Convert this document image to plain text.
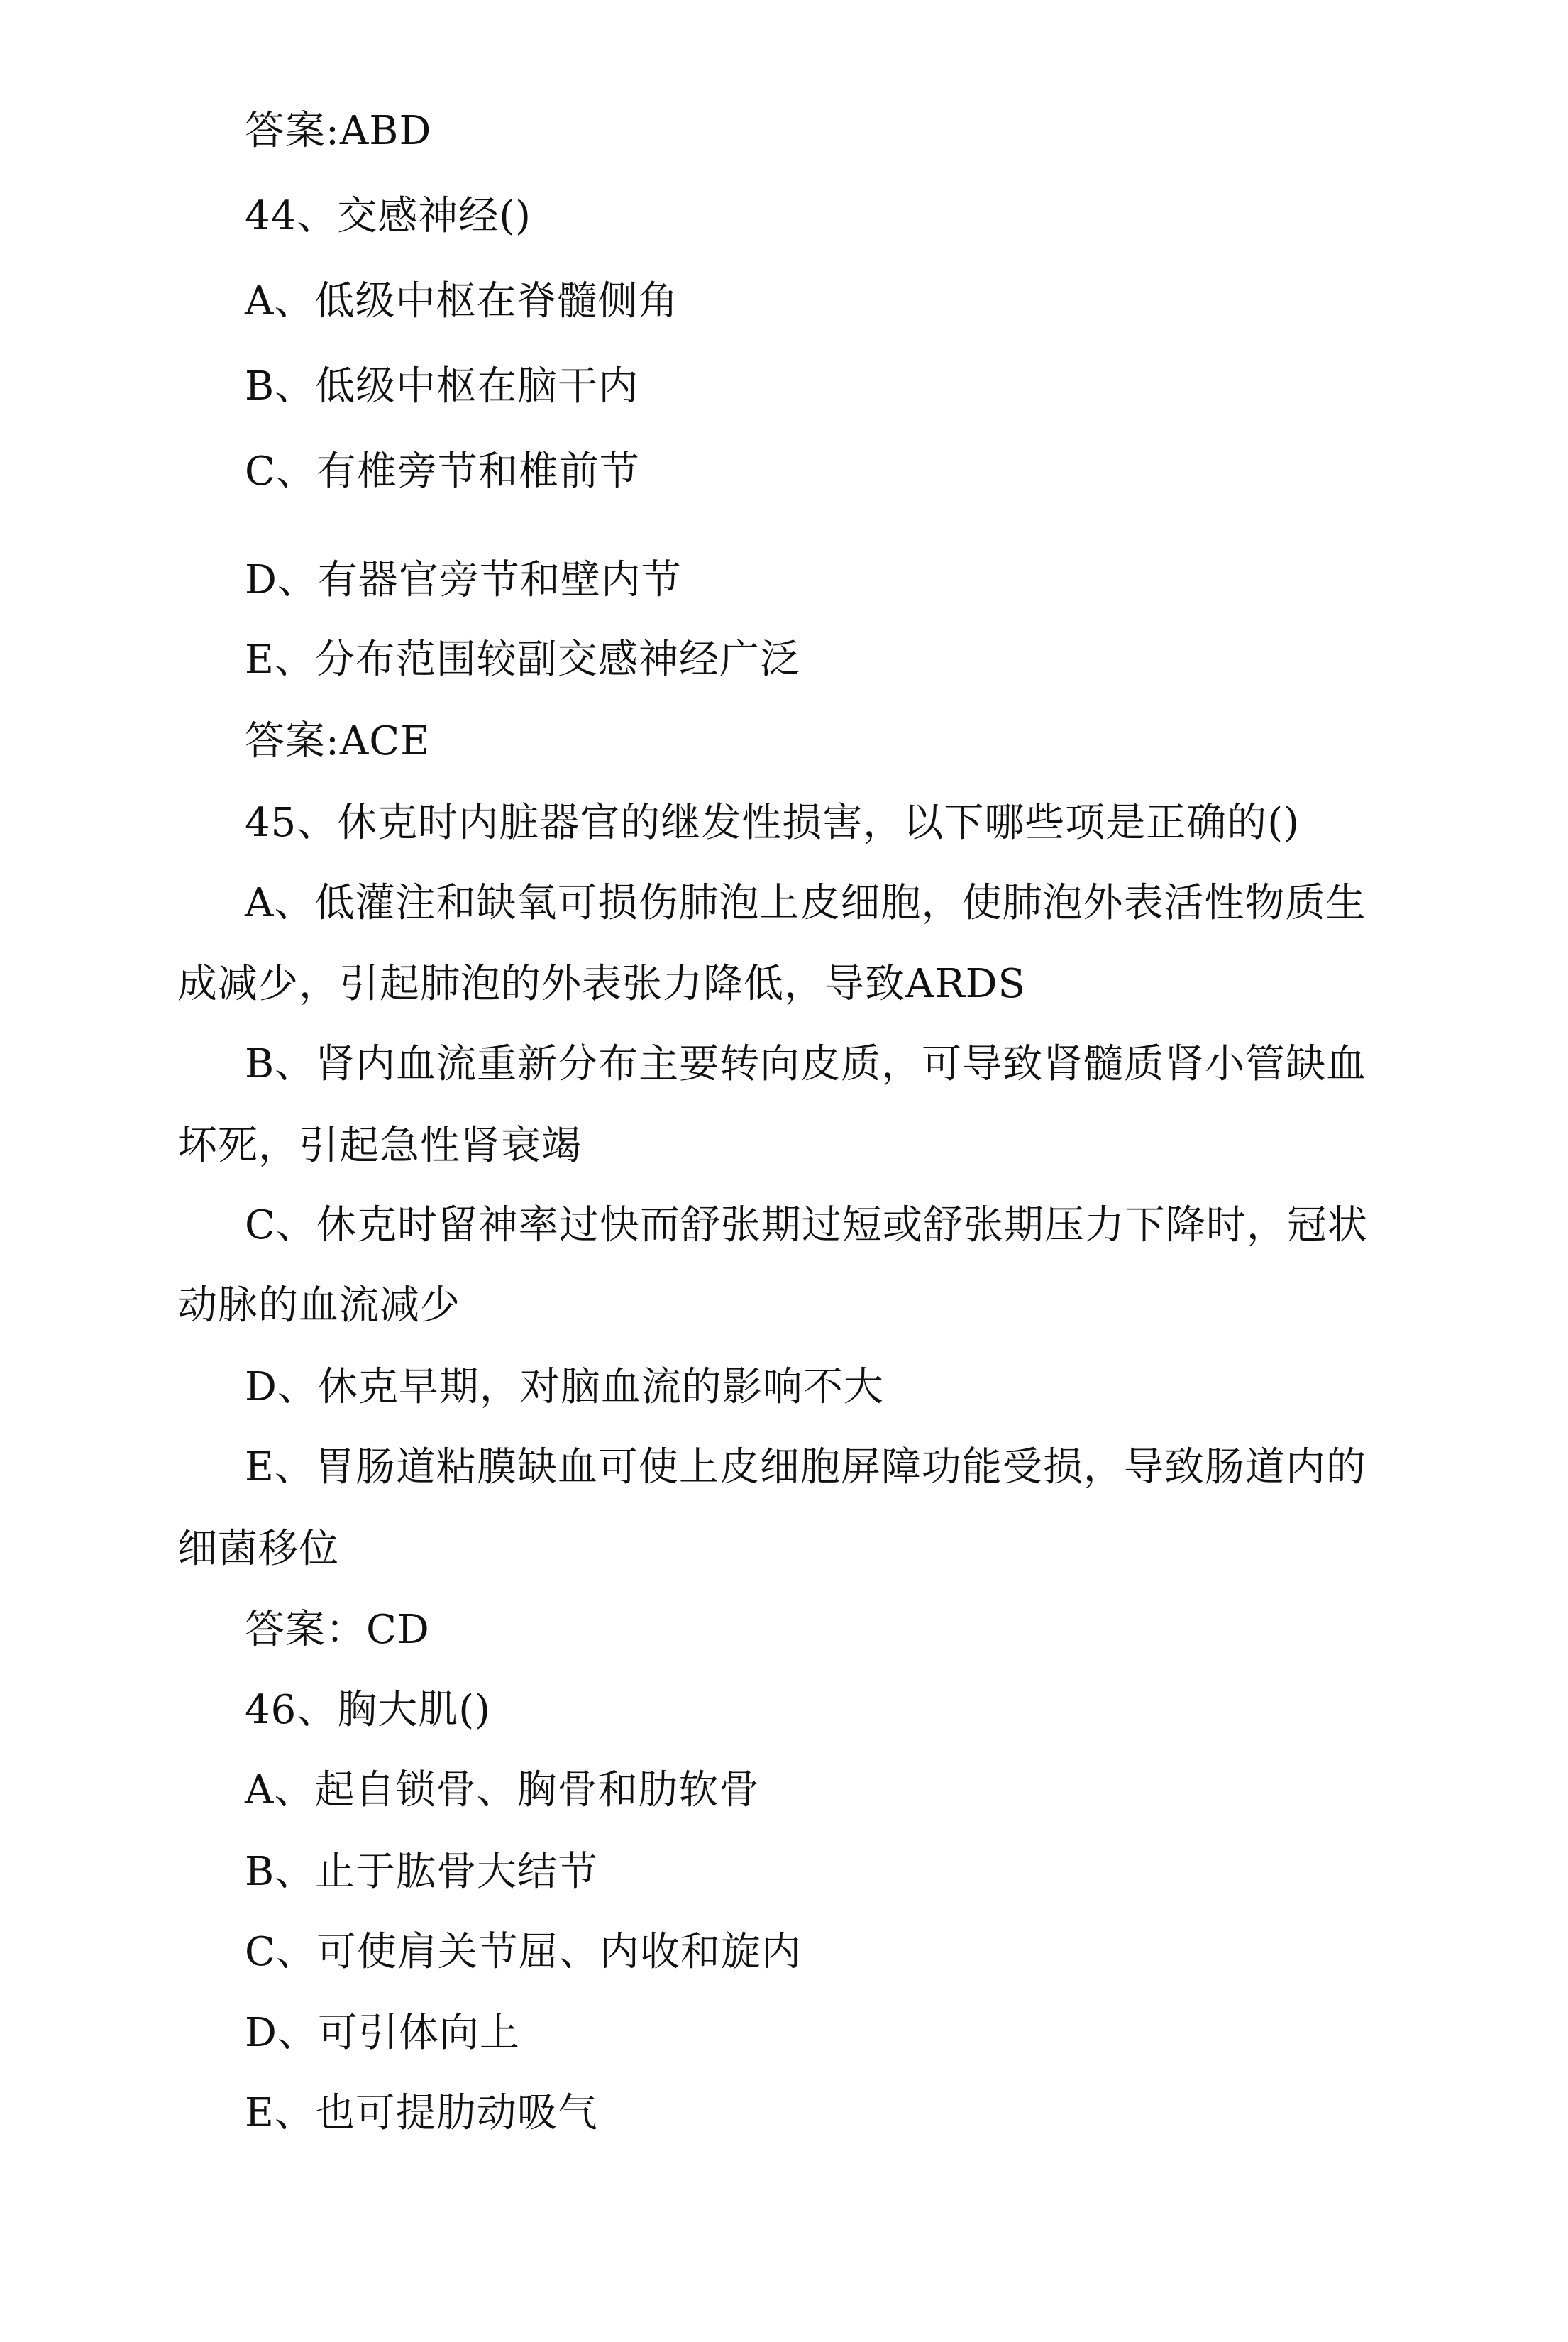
答案:ABD
44、交感神经()
A、低级中枢在脊髓侧角
B、低级中枢在脑干内
C、有椎旁节和椎前节
D、有器官旁节和壁内节
E、分布范围较副交感神经广泛
答案:ACE
45、休克时内脏器官的继发性损害，以下哪些项是正确的()
A、低灌注和缺氧可损伤肺泡上皮细胞，使肺泡外表活性物质生
成减少，引起肺泡的外表张力降低，导致ARDS
B、肾内血流重新分布主要转向皮质，可导致肾髓质肾小管缺血
坏死，引起急性肾衰竭
C、休克时留神率过快而舒张期过短或舒张期压力下降时，冠状
动脉的血流减少
D、休克早期，对脑血流的影响不大
E、胃肠道粘膜缺血可使上皮细胞屏障功能受损，导致肠道内的
细菌移位
答案：CD
46、胸大肌()
A、起自锁骨、胸骨和肋软骨
B、止于肱骨大结节
C、可使肩关节屈、内收和旋内
D、可引体向上
E、也可提肋动吸气
